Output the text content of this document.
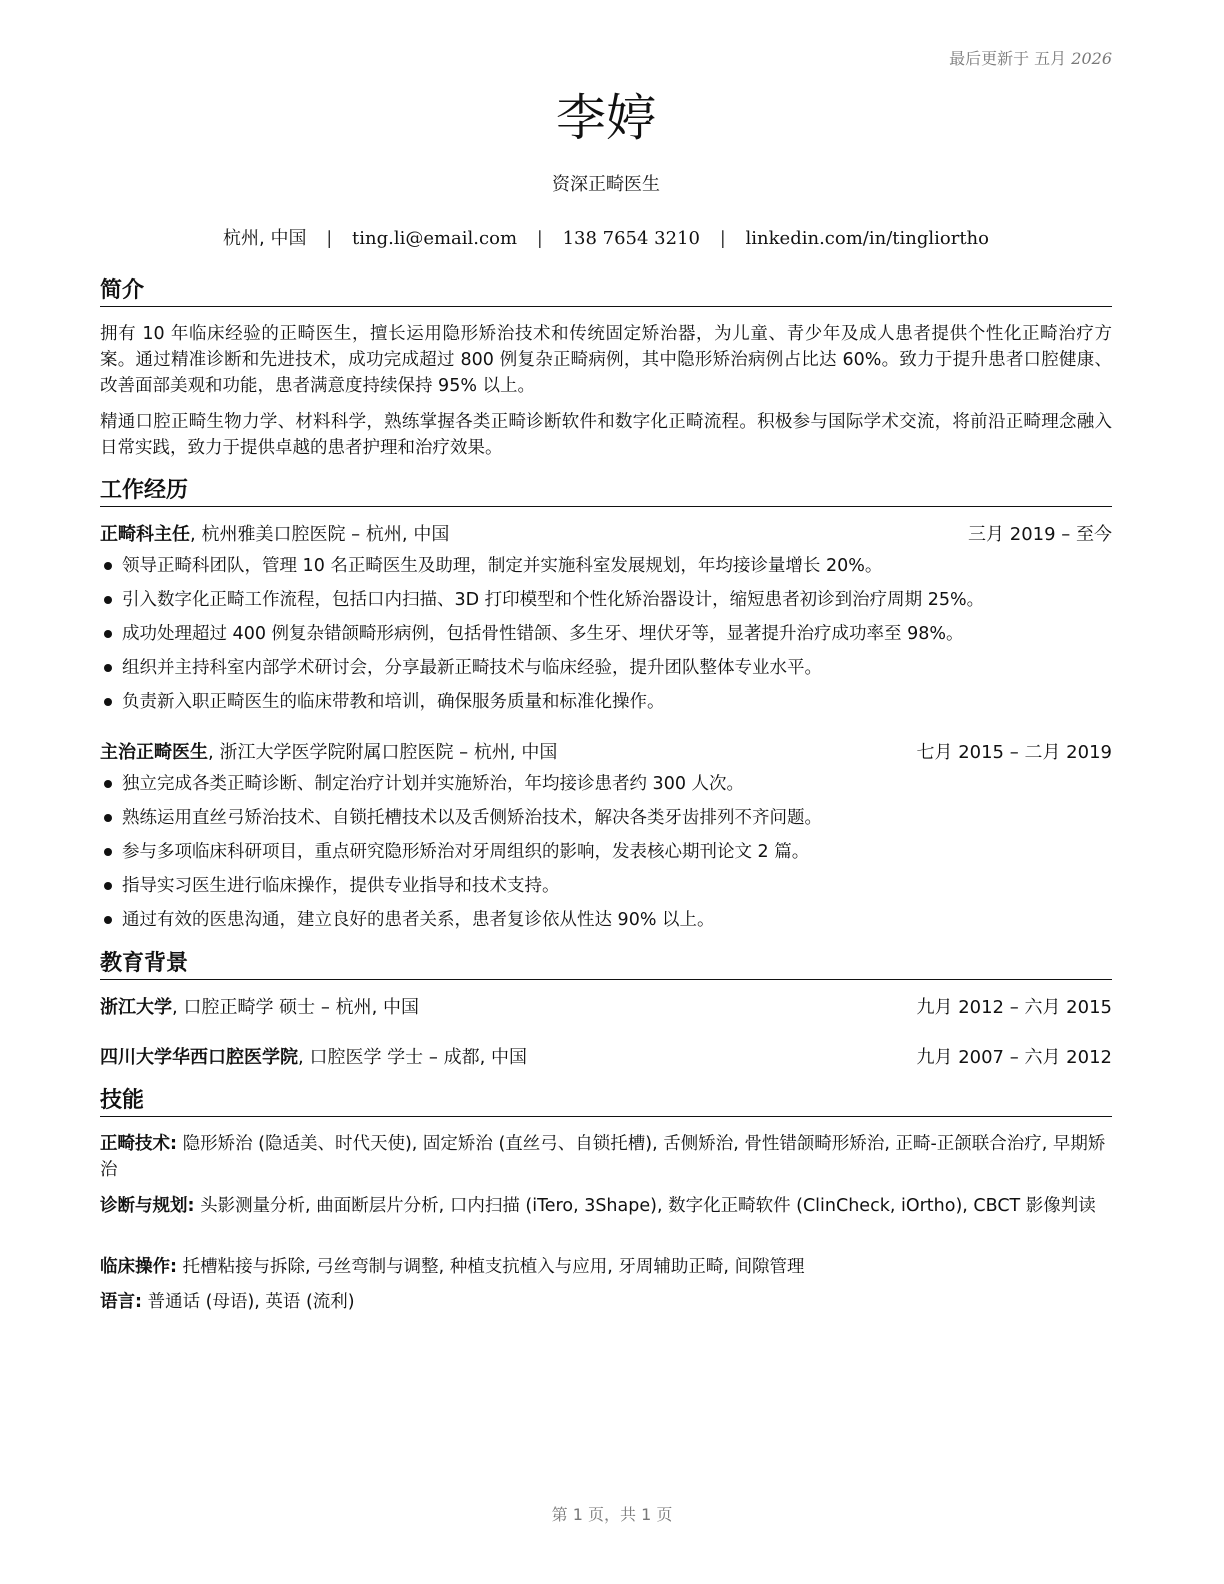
最后更新于 五月 2026
李婷
资深正畸医生
杭州, 中国 | ting.li@email.com | 138 7654 3210 | linkedin.com/in/tingliortho
简介

拥有 10 年临床经验的正畸医生，擅长运用隐形矫治技术和传统固定矫治器，为儿童、青少年及成人患者提供个性化正畸治疗方案。通过精准诊断和先进技术，成功完成超过 800 例复杂正畸病例，其中隐形矫治病例占比达 60%。致力于提升患者口腔健康、改善面部美观和功能，患者满意度持续保持 95% 以上。

精通口腔正畸生物力学、材料科学，熟练掌握各类正畸诊断软件和数字化正畸流程。积极参与国际学术交流，将前沿正畸理念融入日常实践，致力于提供卓越的患者护理和治疗效果。

工作经历
正畸科主任, 杭州雅美口腔医院 – 杭州, 中国	三月 2019 – 至今
领导正畸科团队，管理 10 名正畸医生及助理，制定并实施科室发展规划，年均接诊量增长 20%。
引入数字化正畸工作流程，包括口内扫描、3D 打印模型和个性化矫治器设计，缩短患者初诊到治疗周期 25%。
成功处理超过 400 例复杂错颌畸形病例，包括骨性错颌、多生牙、埋伏牙等，显著提升治疗成功率至 98%。
组织并主持科室内部学术研讨会，分享最新正畸技术与临床经验，提升团队整体专业水平。
负责新入职正畸医生的临床带教和培训，确保服务质量和标准化操作。
主治正畸医生, 浙江大学医学院附属口腔医院 – 杭州, 中国	七月 2015 – 二月 2019
独立完成各类正畸诊断、制定治疗计划并实施矫治，年均接诊患者约 300 人次。
熟练运用直丝弓矫治技术、自锁托槽技术以及舌侧矫治技术，解决各类牙齿排列不齐问题。
参与多项临床科研项目，重点研究隐形矫治对牙周组织的影响，发表核心期刊论文 2 篇。
指导实习医生进行临床操作，提供专业指导和技术支持。
通过有效的医患沟通，建立良好的患者关系，患者复诊依从性达 90% 以上。
教育背景
浙江大学, 口腔正畸学 硕士 – 杭州, 中国	九月 2012 – 六月 2015
四川大学华西口腔医学院, 口腔医学 学士 – 成都, 中国	九月 2007 – 六月 2012
技能

正畸技术: 隐形矫治 (隐适美、时代天使), 固定矫治 (直丝弓、自锁托槽), 舌侧矫治, 骨性错颌畸形矫治, 正畸-正颌联合治疗, 早期矫治

诊断与规划: 头影测量分析, 曲面断层片分析, 口内扫描 (iTero, 3Shape), 数字化正畸软件 (ClinCheck, iOrtho), CBCT 影像判读

临床操作: 托槽粘接与拆除, 弓丝弯制与调整, 种植支抗植入与应用, 牙周辅助正畸, 间隙管理

语言: 普通话 (母语), 英语 (流利)

第 1 页，共 1 页
